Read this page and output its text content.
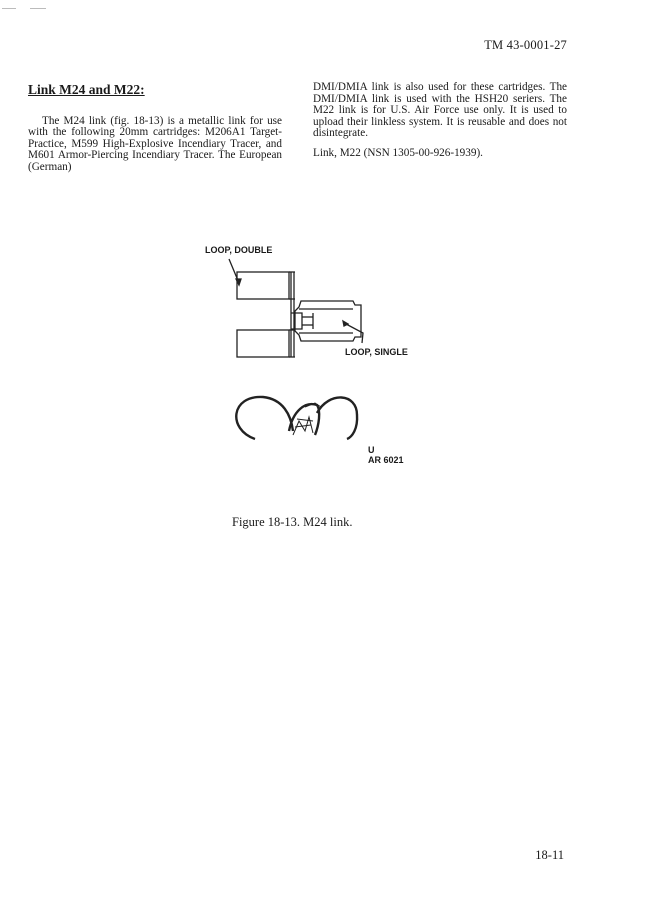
TM 43-0001-27
Link M24 and M22:

The M24 link (fig. 18-13) is a metallic link for use with the following 20mm cartridges: M206A1 Target-Practice, M599 High-Explosive Incendiary Tracer, and M601 Armor-Piercing Incendiary Tracer. The European (German)

DMI/DMIA link is also used for these cartridges. The DMI/DMIA link is used with the HSH20 seriers. The M22 link is for U.S. Air Force use only. It is used to upload their linkless system. It is reusable and does not disintegrate.

Link, M22 (NSN 1305-00-926-1939).

LOOP, DOUBLE
LOOP, SINGLE
U
AR 6021
Figure 18-13. M24 link.
18-11
